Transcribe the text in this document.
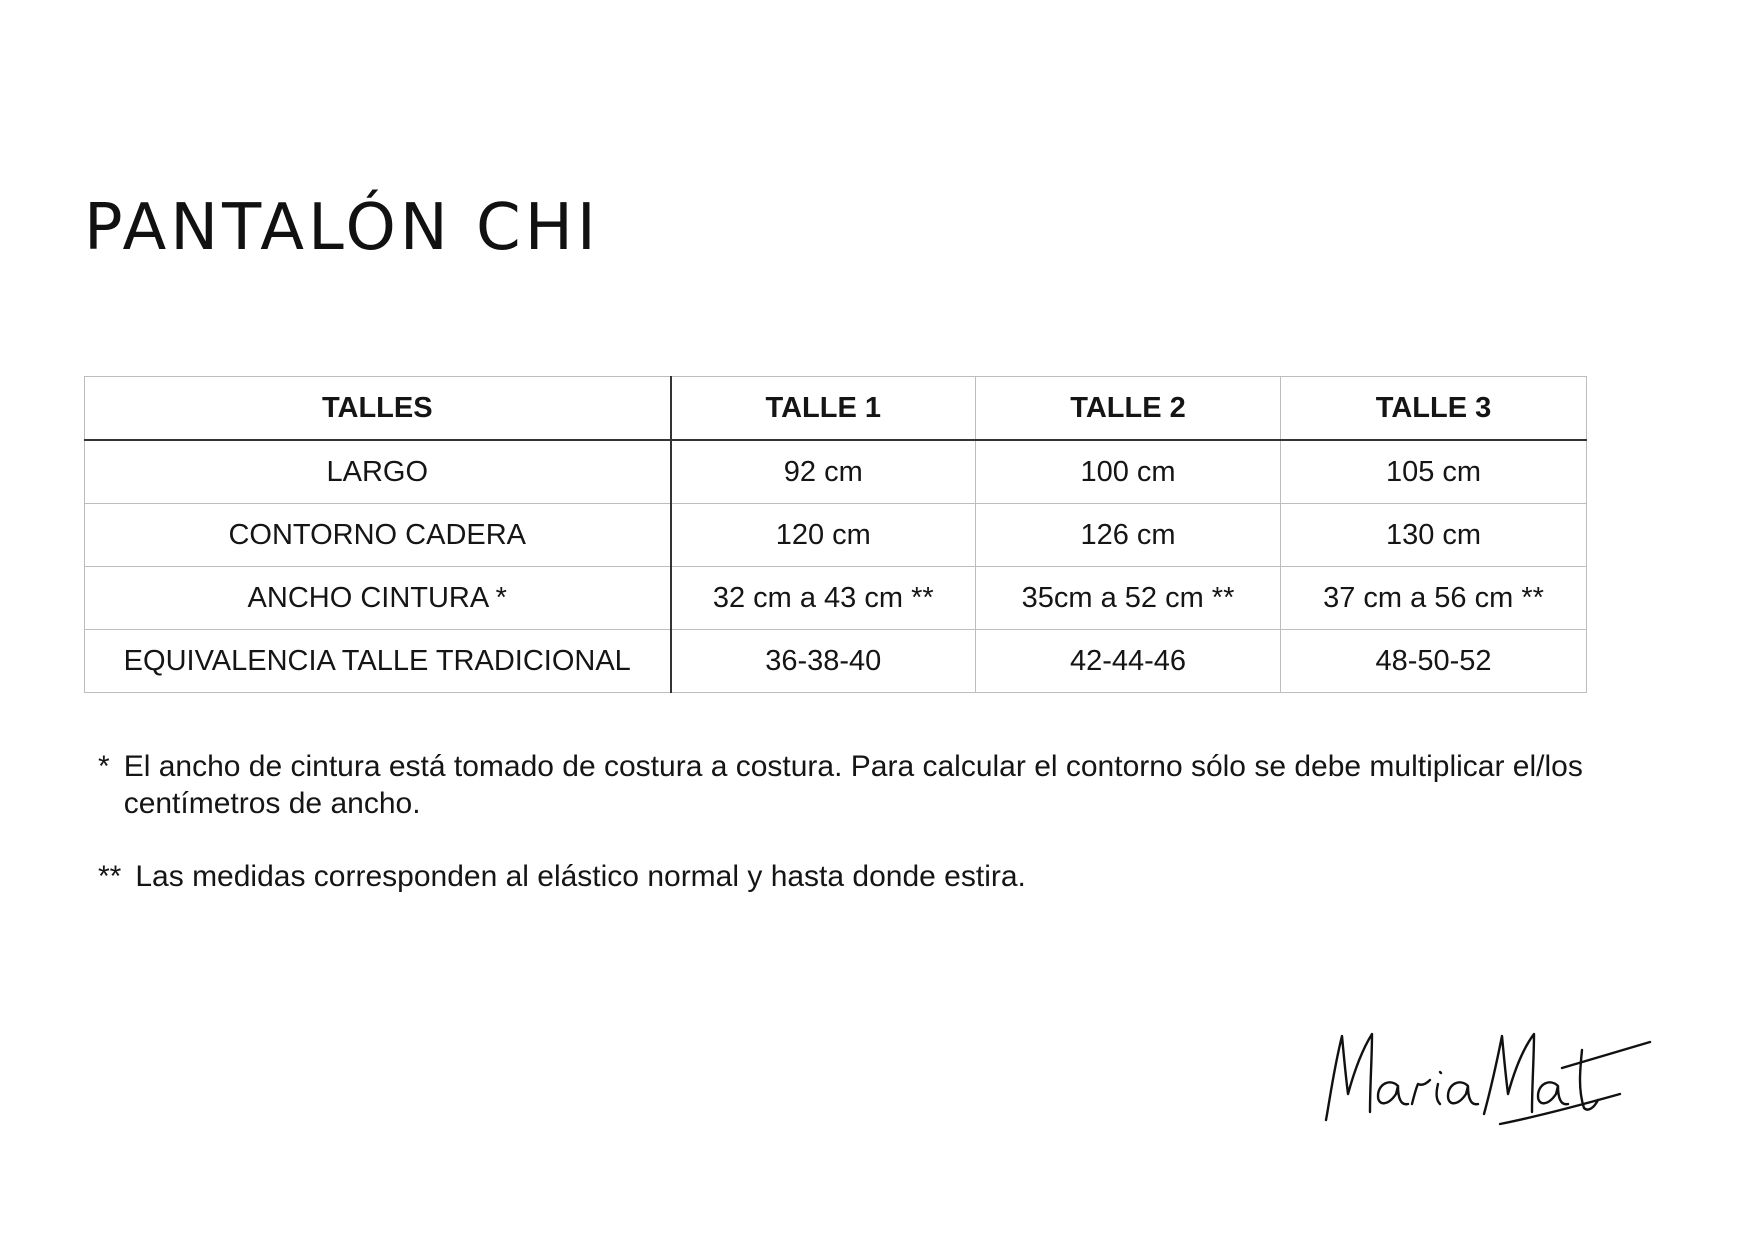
PANTALÓN CHI
TALLES	TALLE 1	TALLE 2	TALLE 3
LARGO	92 cm	100 cm	105 cm
CONTORNO CADERA	120 cm	126 cm	130 cm
ANCHO CINTURA *	32 cm a 43 cm **	35cm a 52 cm **	37 cm a 56 cm **
EQUIVALENCIA TALLE TRADICIONAL	36-38-40	42-44-46	48-50-52

* El ancho de cintura está tomado de costura a costura. Para calcular el contorno sólo se debe multiplicar el/los centímetros de ancho.

** Las medidas corresponden al elástico normal y hasta donde estira.
